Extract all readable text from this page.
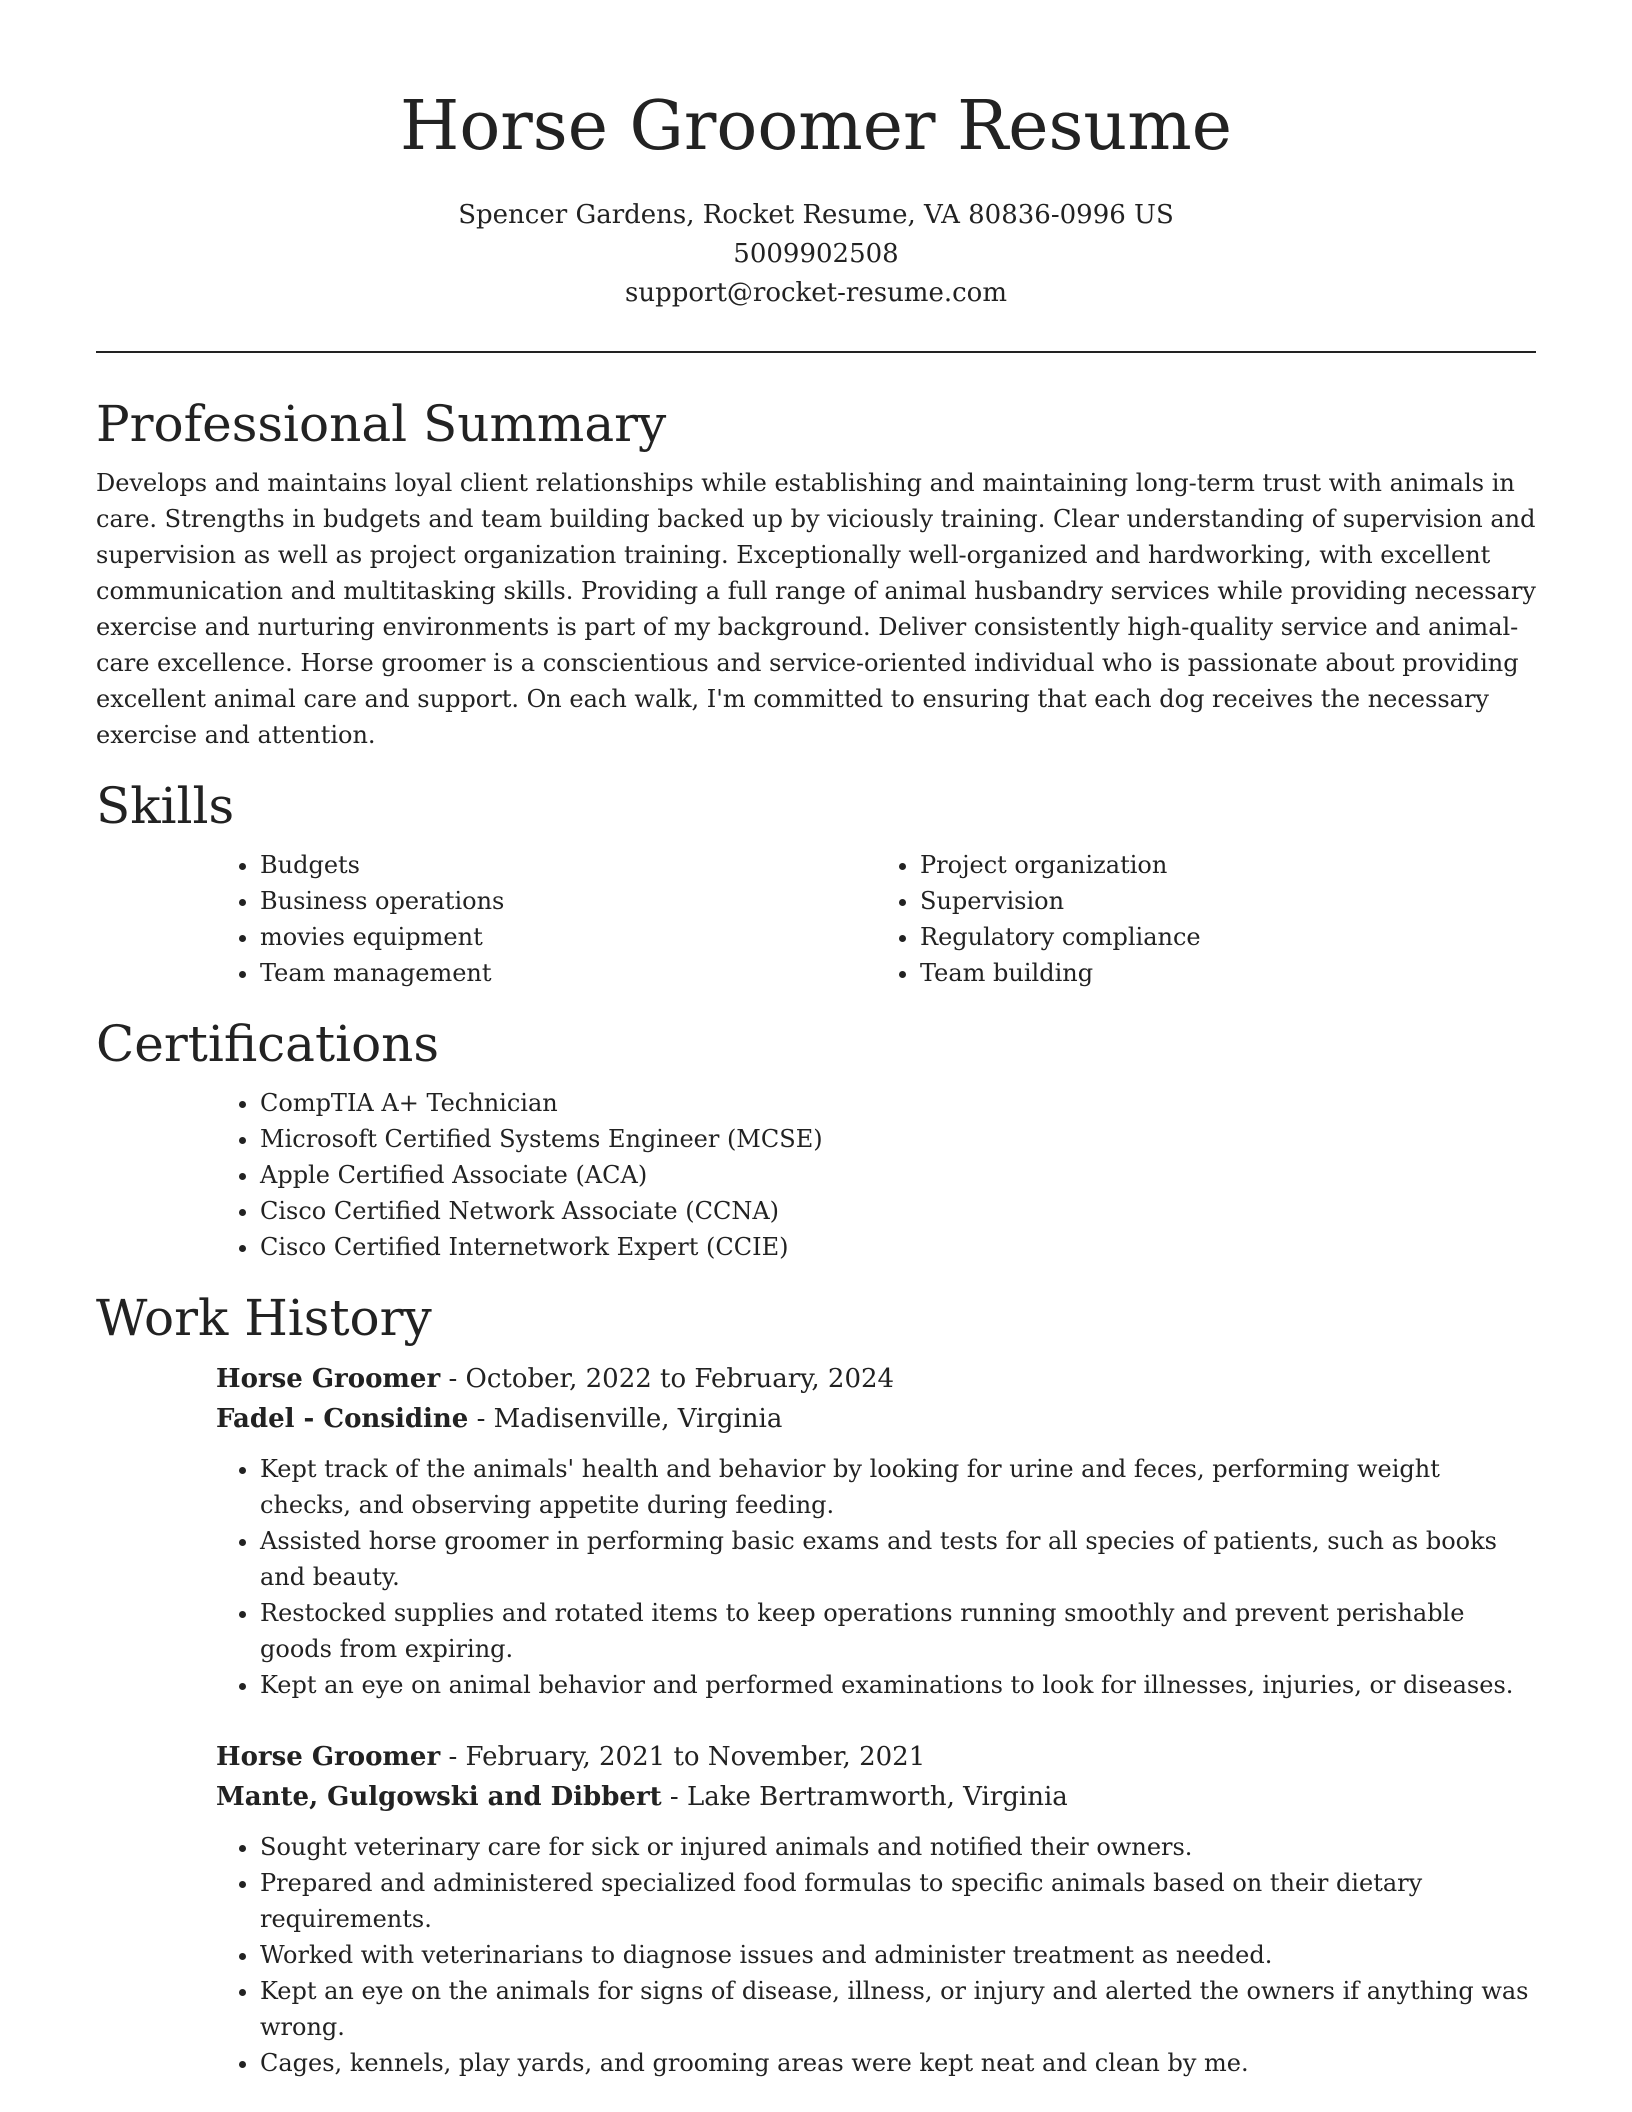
Horse Groomer Resume

Spencer Gardens, Rocket Resume, VA 80836-0996 US

5009902508

support@rocket-resume.com

Professional Summary

Develops and maintains loyal client relationships while establishing and maintaining long-term trust with animals in care. Strengths in budgets and team building backed up by viciously training. Clear understanding of supervision and supervision as well as project organization training. Exceptionally well-organized and hardworking, with excellent communication and multitasking skills. Providing a full range of animal husbandry services while providing necessary exercise and nurturing environments is part of my background. Deliver consistently high-quality service and animal-care excellence. Horse groomer is a conscientious and service-oriented individual who is passionate about providing excellent animal care and support. On each walk, I'm committed to ensuring that each dog receives the necessary exercise and attention.

Skills
• Budgets
• Business operations
• movies equipment
• Team management
• Project organization
• Supervision
• Regulatory compliance
• Team building
Certifications
• CompTIA A+ Technician
• Microsoft Certified Systems Engineer (MCSE)
• Apple Certified Associate (ACA)
• Cisco Certified Network Associate (CCNA)
• Cisco Certified Internetwork Expert (CCIE)
Work History

Horse Groomer - October, 2022 to February, 2024

Fadel - Considine - Madisenville, Virginia

• Kept track of the animals' health and behavior by looking for urine and feces, performing weight checks, and observing appetite during feeding.
• Assisted horse groomer in performing basic exams and tests for all species of patients, such as books and beauty.
• Restocked supplies and rotated items to keep operations running smoothly and prevent perishable goods from expiring.
• Kept an eye on animal behavior and performed examinations to look for illnesses, injuries, or diseases.

Horse Groomer - February, 2021 to November, 2021

Mante, Gulgowski and Dibbert - Lake Bertramworth, Virginia

• Sought veterinary care for sick or injured animals and notified their owners.
• Prepared and administered specialized food formulas to specific animals based on their dietary requirements.
• Worked with veterinarians to diagnose issues and administer treatment as needed.
• Kept an eye on the animals for signs of disease, illness, or injury and alerted the owners if anything was wrong.
• Cages, kennels, play yards, and grooming areas were kept neat and clean by me.
